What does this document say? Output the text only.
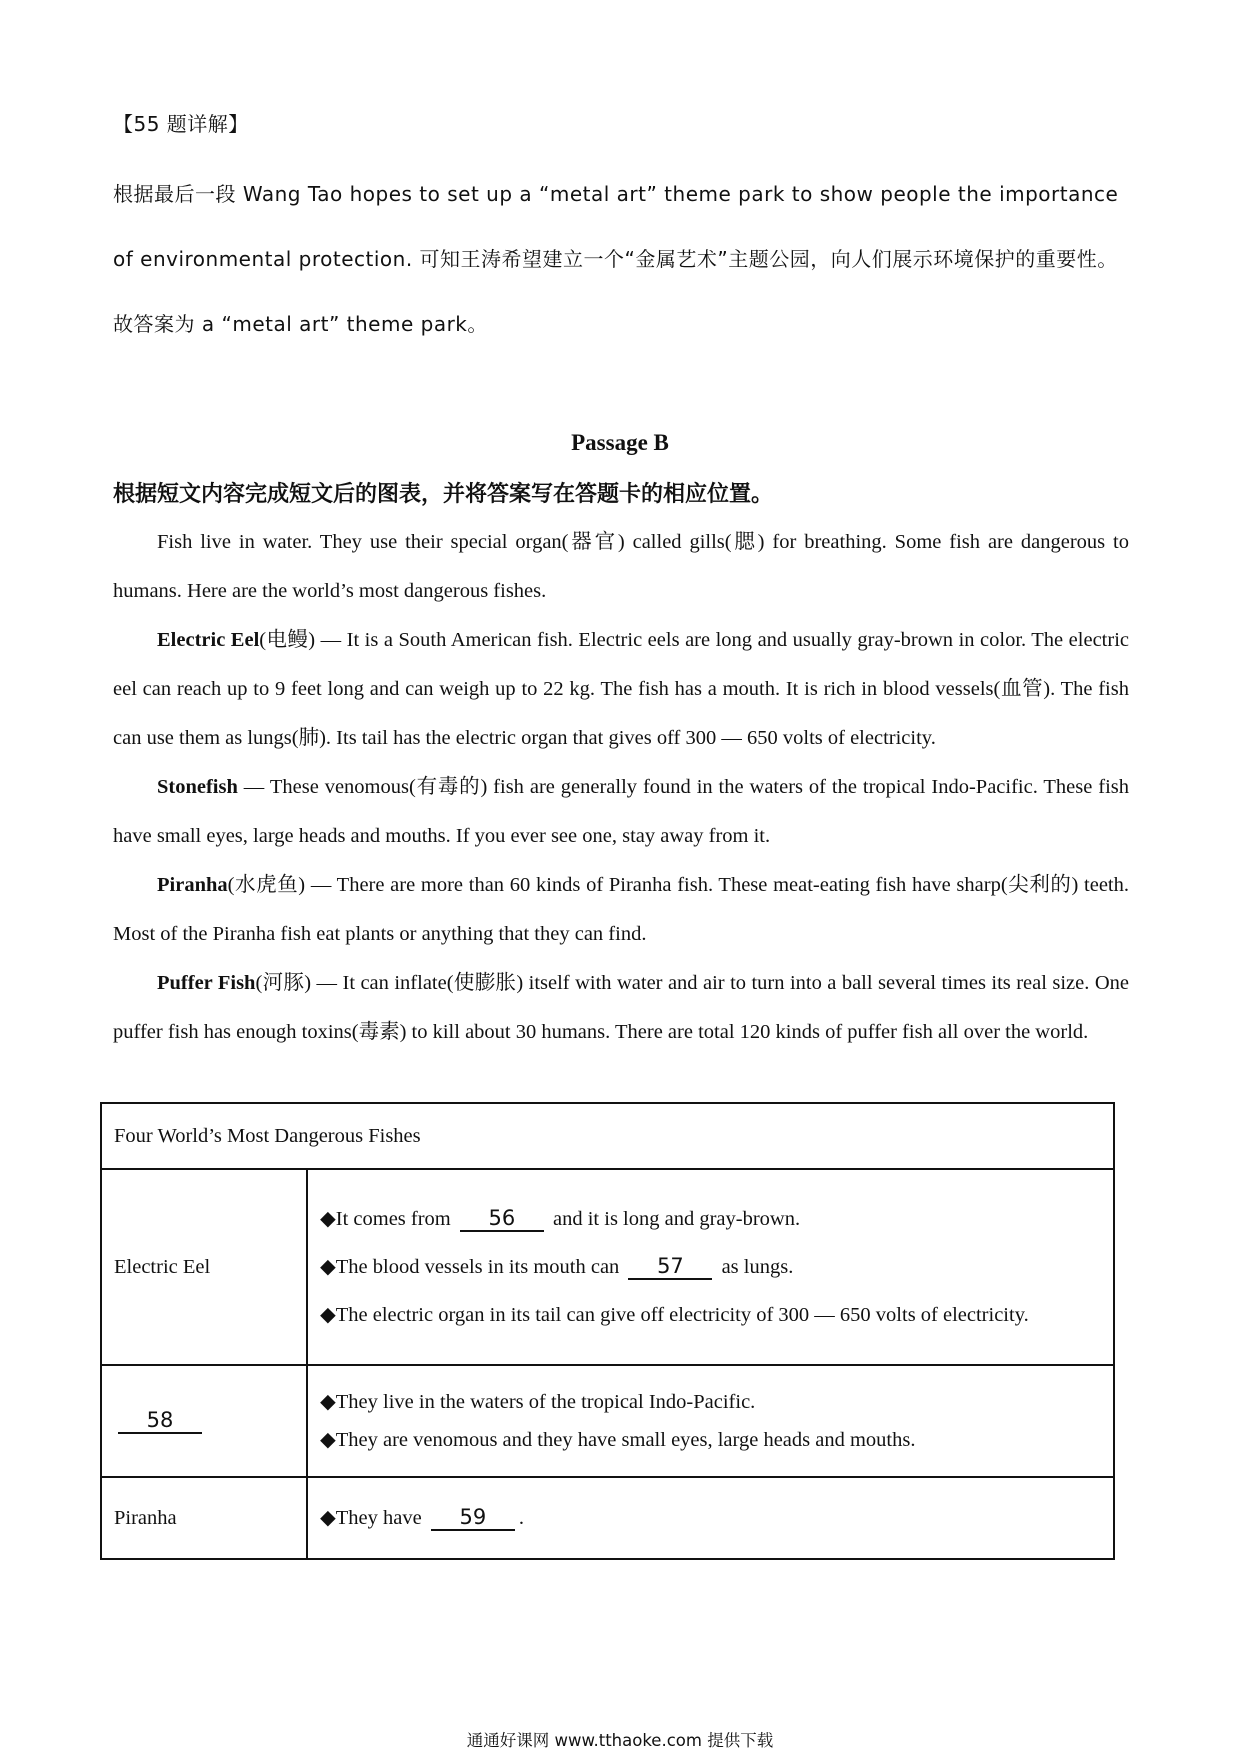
【55 题详解】
根据最后一段 Wang Tao hopes to set up a “metal art” theme park to show people the importance of environmental protection. 可知王涛希望建立一个“金属艺术”主题公园，向人们展示环境保护的重要性。故答案为 a “metal art” theme park。
Passage B
根据短文内容完成短文后的图表，并将答案写在答题卡的相应位置。

Fish live in water. They use their special organ(器官) called gills(腮) for breathing. Some fish are dangerous to humans. Here are the world’s most dangerous fishes.

Electric Eel(电鳗) — It is a South American fish. Electric eels are long and usually gray-brown in color. The electric eel can reach up to 9 feet long and can weigh up to 22 kg. The fish has a mouth. It is rich in blood vessels(血管). The fish can use them as lungs(肺). Its tail has the electric organ that gives off 300 — 650 volts of electricity.

Stonefish — These venomous(有毒的) fish are generally found in the waters of the tropical Indo-Pacific. These fish have small eyes, large heads and mouths. If you ever see one, stay away from it.

Piranha(水虎鱼) — There are more than 60 kinds of Piranha fish. These meat-eating fish have sharp(尖利的) teeth. Most of the Piranha fish eat plants or anything that they can find.

Puffer Fish(河豚) — It can inflate(使膨胀) itself with water and air to turn into a ball several times its real size. One puffer fish has enough toxins(毒素) to kill about 30 humans. There are total 120 kinds of puffer fish all over the world.

Four World’s Most Dangerous Fishes	
Electric Eel	◆It comes from 56 and it is long and gray-brown.
◆The blood vessels in its mouth can 57 as lungs.
◆The electric organ in its tail can give off electricity of 300 — 650 volts of electricity.

58	◆They live in the waters of the tropical Indo-Pacific.
◆They are venomous and they have small eyes, large heads and mouths.

Piranha	◆They have 59 .
通通好课网 www.tthaoke.com 提供下载
